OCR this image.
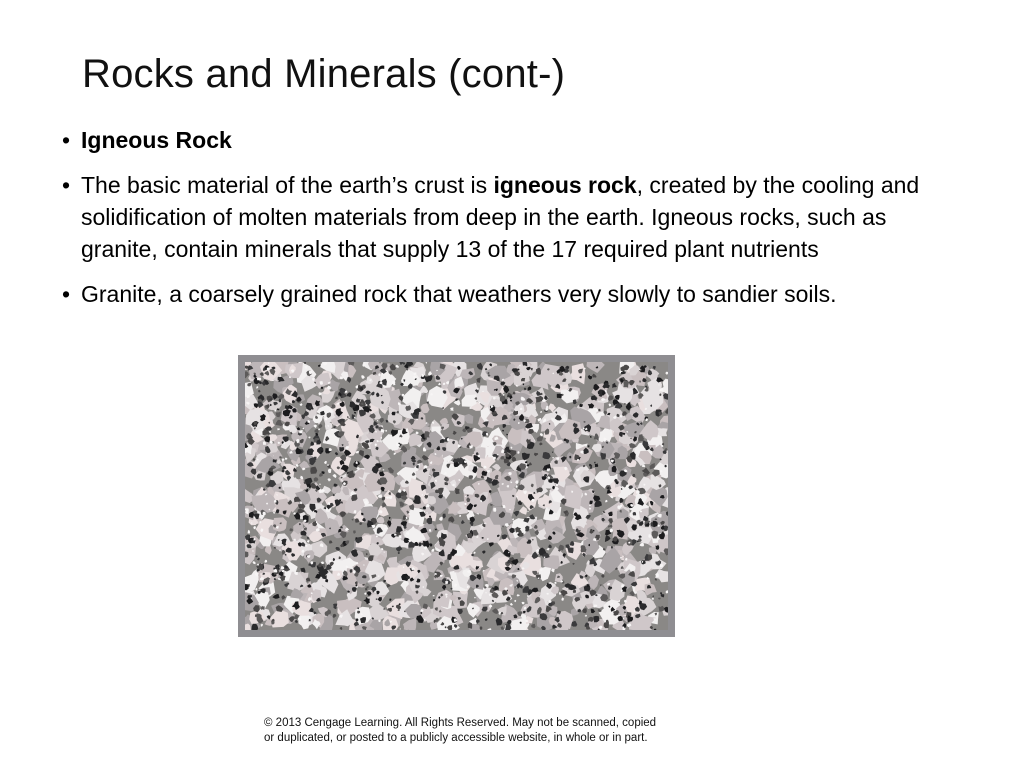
Rocks and Minerals (cont-)
• Igneous Rock
• The basic material of the earth’s crust is igneous rock, created by the cooling and solidification of molten materials from deep in the earth. Igneous rocks, such as granite, contain minerals that supply 13 of the 17 required plant nutrients
• Granite, a coarsely grained rock that weathers very slowly to sandier soils.
© 2013 Cengage Learning. All Rights Reserved. May not be scanned, copied
or duplicated, or posted to a publicly accessible website, in whole or in part.
